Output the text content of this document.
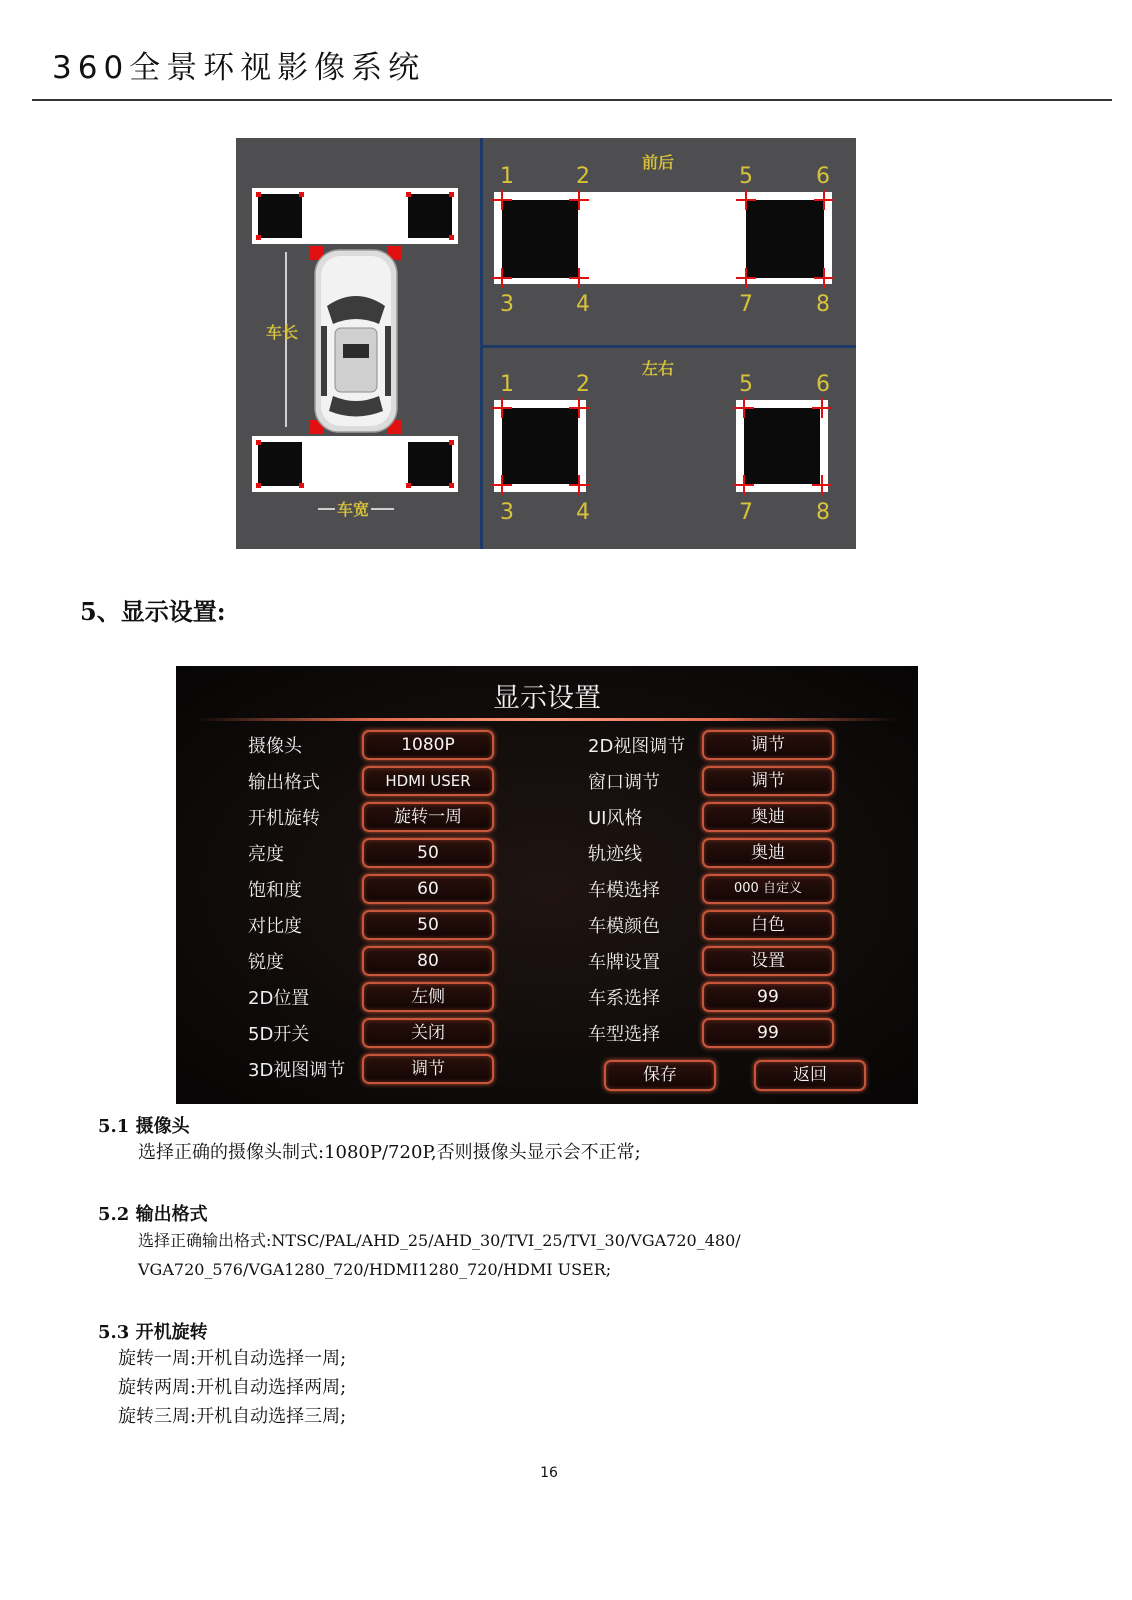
360全景环视影像系统
车长
车宽
前后
1	2	5	6
3	4	7	8
左右
1	2	5	6
3	4	7	8
5、显示设置:
显示设置
摄像头	1080P
输出格式	HDMI USER
开机旋转	旋转一周
亮度	50
饱和度	60
对比度	50
锐度	80
2D位置	左侧
5D开关	关闭
3D视图调节	调节
2D视图调节	调节
窗口调节	调节
UI风格	奥迪
轨迹线	奥迪
车模选择	000 自定义
车模颜色	白色
车牌设置	设置
车系选择	99
车型选择	99
保存	返回
5.1 摄像头
选择正确的摄像头制式:1080P/720P,否则摄像头显示会不正常;
5.2 输出格式
选择正确输出格式:NTSC/PAL/AHD_25/AHD_30/TVI_25/TVI_30/VGA720_480/
VGA720_576/VGA1280_720/HDMI1280_720/HDMI USER;
5.3 开机旋转
旋转一周:开机自动选择一周;
旋转两周:开机自动选择两周;
旋转三周:开机自动选择三周;
16
